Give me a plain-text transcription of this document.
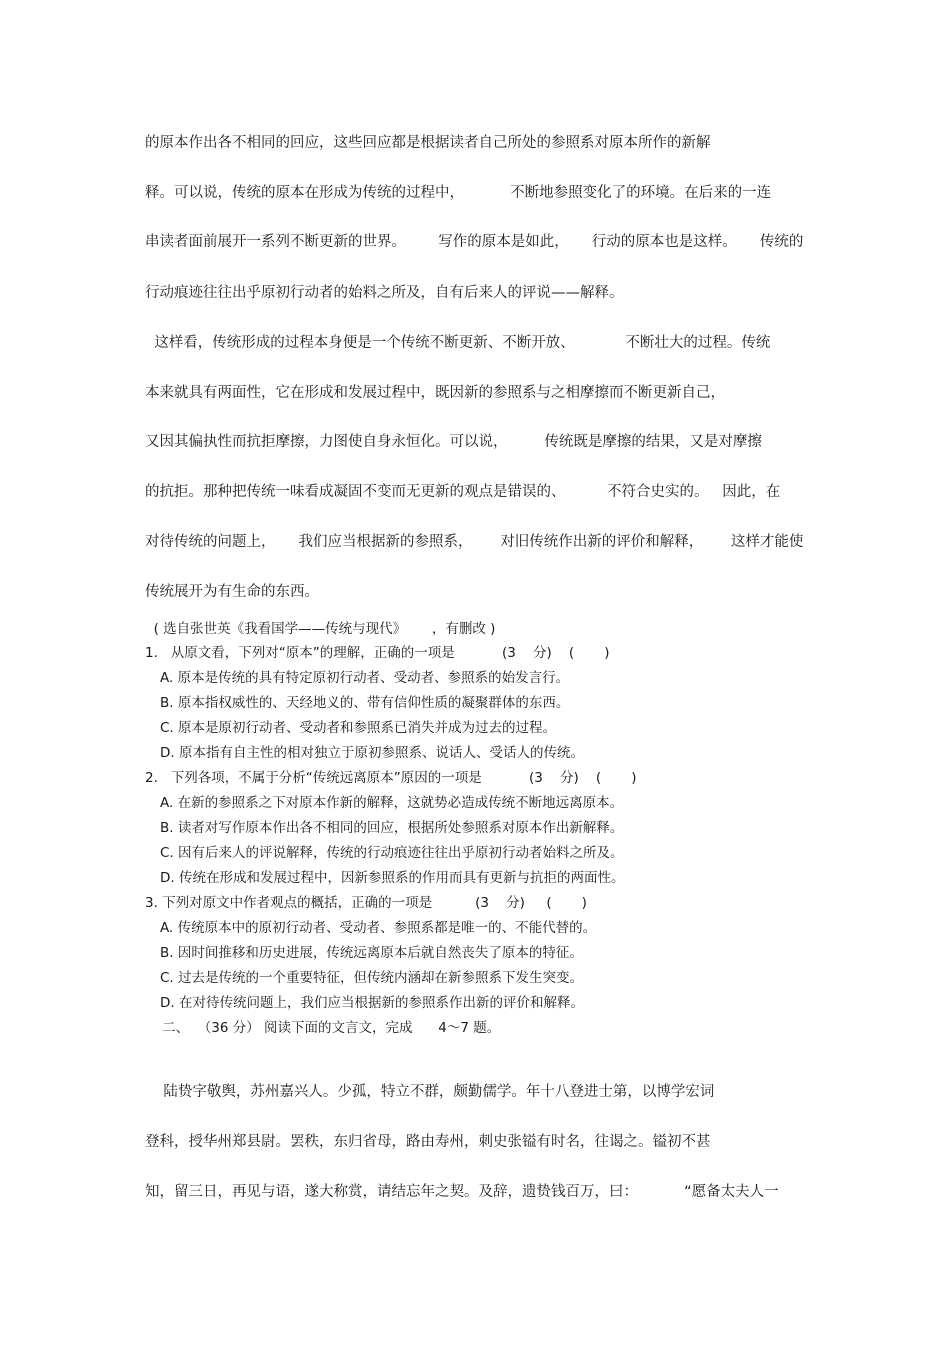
的原本作出各不相同的回应，这些回应都是根据读者自己所处的参照系对原本所作的新解
释。可以说，传统的原本在形成为传统的过程中，          不断地参照变化了的环境。在后来的一连
串读者面前展开一系列不断更新的世界。       写作的原本是如此，     行动的原本也是这样。     传统的
行动痕迹往往出乎原初行动者的始料之所及，自有后来人的评说——解释。
这样看，传统形成的过程本身便是一个传统不断更新、不断开放、           不断壮大的过程。传统
本来就具有两面性，它在形成和发展过程中，既因新的参照系与之相摩擦而不断更新自己，
又因其偏执性而抗拒摩擦，力图使自身永恒化。可以说，        传统既是摩擦的结果，又是对摩擦
的抗拒。那种把传统一味看成凝固不变而无更新的观点是错误的、         不符合史实的。   因此，在
对待传统的问题上，     我们应当根据新的参照系，      对旧传统作出新的评价和解释，      这样才能使
传统展开为有生命的东西。
( 选自张世英《我看国学——传统与现代》      ，有删改 )
1.   从原文看，下列对“原本”的理解，正确的一项是           (3    分)    (       )
A. 原本是传统的具有特定原初行动者、受动者、参照系的始发言行。
B. 原本指权威性的、天经地义的、带有信仰性质的凝聚群体的东西。
C. 原本是原初行动者、受动者和参照系已消失并成为过去的过程。
D. 原本指有自主性的相对独立于原初参照系、说话人、受话人的传统。
2.   下列各项，不属于分析“传统远离原本”原因的一项是           (3    分)    (       )
A. 在新的参照系之下对原本作新的解释，这就势必造成传统不断地远离原本。
B. 读者对写作原本作出各不相同的回应，根据所处参照系对原本作出新解释。
C. 因有后来人的评说解释，传统的行动痕迹往往出乎原初行动者始料之所及。
D. 传统在形成和发展过程中，因新参照系的作用而具有更新与抗拒的两面性。
3. 下列对原文中作者观点的概括，正确的一项是          (3    分)     (       )
A. 传统原本中的原初行动者、受动者、参照系都是唯一的、不能代替的。
B. 因时间推移和历史进展，传统远离原本后就自然丧失了原本的特征。
C. 过去是传统的一个重要特征，但传统内涵却在新参照系下发生突变。
D. 在对待传统问题上，我们应当根据新的参照系作出新的评价和解释。
二、  （36 分） 阅读下面的文言文，完成      4～7 题。
陆贽字敬舆，苏州嘉兴人。少孤，特立不群，颇勤儒学。年十八登进士第，以博学宏词
登科，授华州郑县尉。罢秩，东归省母，路由寿州，刺史张镒有时名，往谒之。镒初不甚
知，留三日，再见与语，遂大称赏，请结忘年之契。及辞，遗贽钱百万，曰：          “愿备太夫人一
